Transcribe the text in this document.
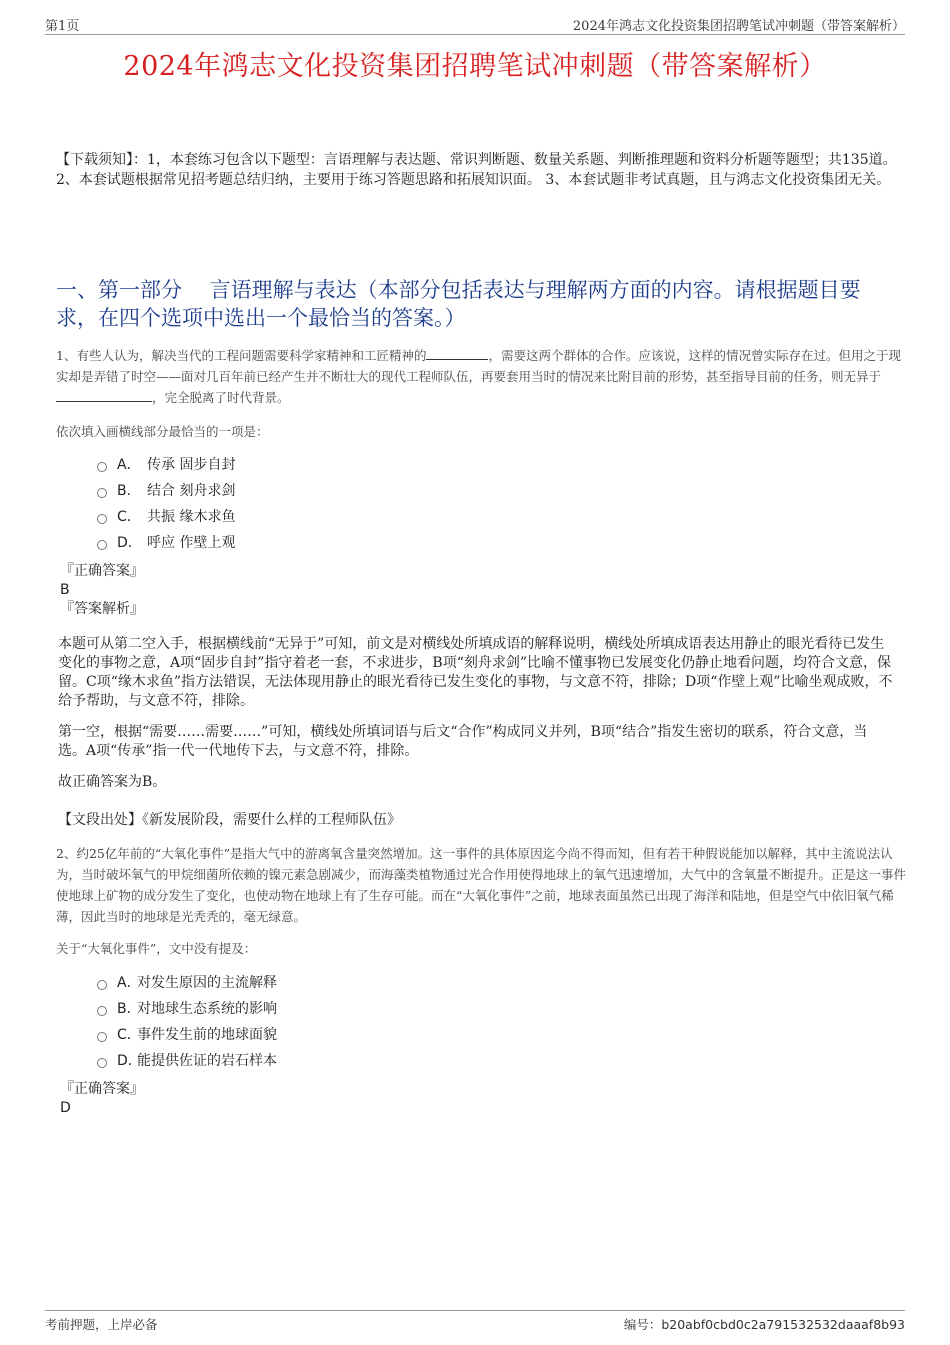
第1页	2024年鸿志文化投资集团招聘笔试冲刺题（带答案解析）
2024年鸿志文化投资集团招聘笔试冲刺题（带答案解析）
【下载须知】：1，本套练习包含以下题型：言语理解与表达题、常识判断题、数量关系题、判断推理题和资料分析题等题型；共135道。 2、本套试题根据常见招考题总结归纳，主要用于练习答题思路和拓展知识面。 3、本套试题非考试真题，且与鸿志文化投资集团无关。
一、第一部分　 言语理解与表达（本部分包括表达与理解两方面的内容。请根据题目要求，在四个选项中选出一个最恰当的答案。）
1、有些人认为，解决当代的工程问题需要科学家精神和工匠精神的	，需要这两个群体的合作。应该说，这样的情况曾实际存在过。但用之于现实却是弄错了时空——面对几百年前已经产生并不断壮大的现代工程师队伍，再要套用当时的情况来比附目前的形势，甚至指导目前的任务，则无异于，完全脱离了时代背景。
依次填入画横线部分最恰当的一项是：
A． 传承 固步自封
B． 结合 刻舟求剑
C． 共振 缘木求鱼
D． 呼应 作壁上观
『正确答案』
B
『答案解析』

本题可从第二空入手，根据横线前“无异于”可知，前文是对横线处所填成语的解释说明，横线处所填成语表达用静止的眼光看待已发生变化的事物之意，A项“固步自封”指守着老一套，不求进步，B项“刻舟求剑”比喻不懂事物已发展变化仍静止地看问题，均符合文意，保留。C项“缘木求鱼”指方法错误，无法体现用静止的眼光看待已发生变化的事物，与文意不符，排除；D项“作壁上观”比喻坐观成败，不给予帮助，与文意不符，排除。

第一空，根据“需要……需要……”可知，横线处所填词语与后文“合作”构成同义并列，B项“结合”指发生密切的联系，符合文意，当选。A项“传承”指一代一代地传下去，与文意不符，排除。

故正确答案为B。

【文段出处】《新发展阶段，需要什么样的工程师队伍》
2、约25亿年前的“大氧化事件”是指大气中的游离氧含量突然增加。这一事件的具体原因迄今尚不得而知，但有若干种假说能加以解释，其中主流说法认为，当时破坏氧气的甲烷细菌所依赖的镍元素急剧减少，而海藻类植物通过光合作用使得地球上的氧气迅速增加，大气中的含氧量不断提升。正是这一事件使地球上矿物的成分发生了变化，也使动物在地球上有了生存可能。而在“大氧化事件”之前，地球表面虽然已出现了海洋和陆地，但是空气中依旧氧气稀薄，因此当时的地球是光秃秃的，毫无绿意。
关于“大氧化事件”，文中没有提及：
A．
对发生原因的主流解释
B．
对地球生态系统的影响
C．
事件发生前的地球面貌
D．
能提供佐证的岩石样本
『正确答案』
D
考前押题，上岸必备	编号：b20abf0cbd0c2a791532532daaaf8b93
